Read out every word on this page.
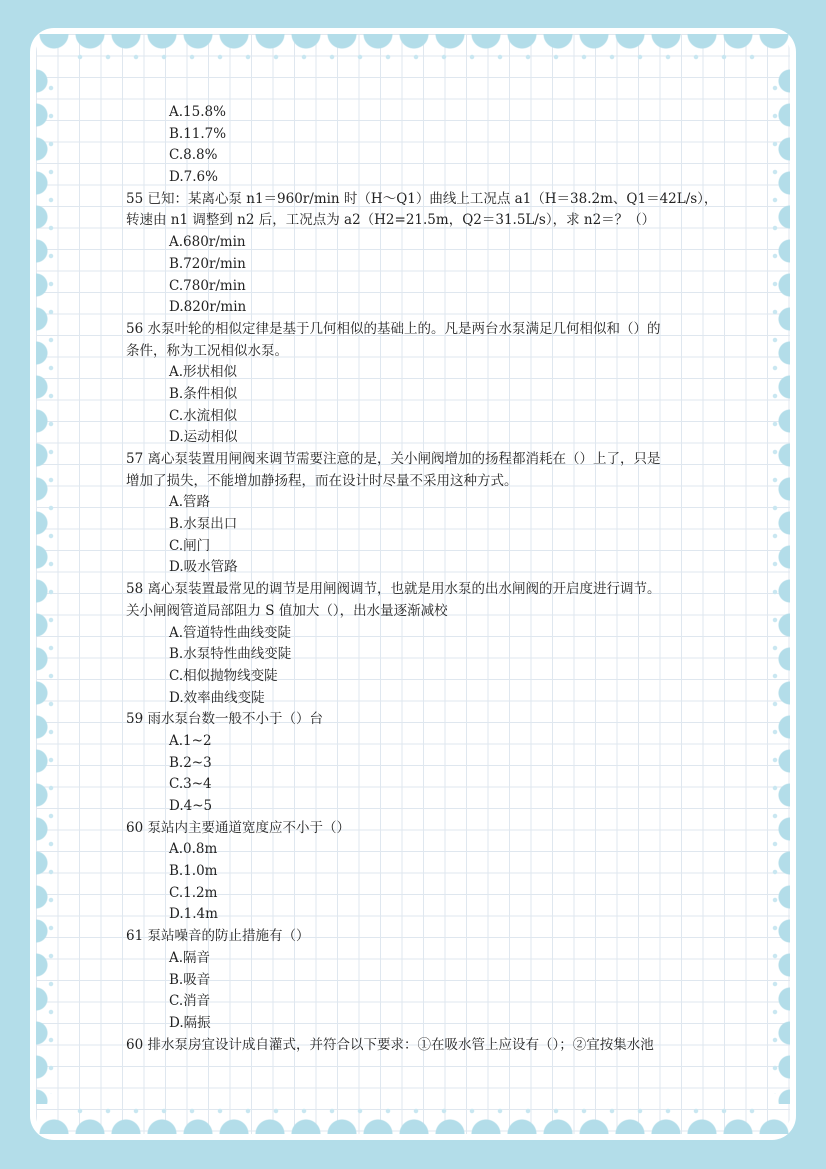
A.15.8%
B.11.7%
C.8.8%
D.7.6%
55 已知：某离心泵 n1＝960r/min 时（H～Q1）曲线上工况点 a1（H＝38.2m、Q1＝42L/s），
转速由 n1 调整到 n2 后，工况点为 a2（H2=21.5m，Q2＝31.5L/s），求 n2＝？（）
A.680r/min
B.720r/min
C.780r/min
D.820r/min
56 水泵叶轮的相似定律是基于几何相似的基础上的。凡是两台水泵满足几何相似和（）的
条件，称为工况相似水泵。
A.形状相似
B.条件相似
C.水流相似
D.运动相似
57 离心泵装置用闸阀来调节需要注意的是，关小闸阀增加的扬程都消耗在（）上了，只是
增加了损失，不能增加静扬程，而在设计时尽量不采用这种方式。
A.管路
B.水泵出口
C.闸门
D.吸水管路
58 离心泵装置最常见的调节是用闸阀调节，也就是用水泵的出水闸阀的开启度进行调节。
关小闸阀管道局部阻力 S 值加大（），出水量逐渐减校
A.管道特性曲线变陡
B.水泵特性曲线变陡
C.相似抛物线变陡
D.效率曲线变陡
59 雨水泵台数一般不小于（）台
A.1~2
B.2~3
C.3~4
D.4~5
60 泵站内主要通道宽度应不小于（）
A.0.8m
B.1.0m
C.1.2m
D.1.4m
61 泵站噪音的防止措施有（）
A.隔音
B.吸音
C.消音
D.隔振
60 排水泵房宜设计成自灌式，并符合以下要求：①在吸水管上应设有（）；②宜按集水池
